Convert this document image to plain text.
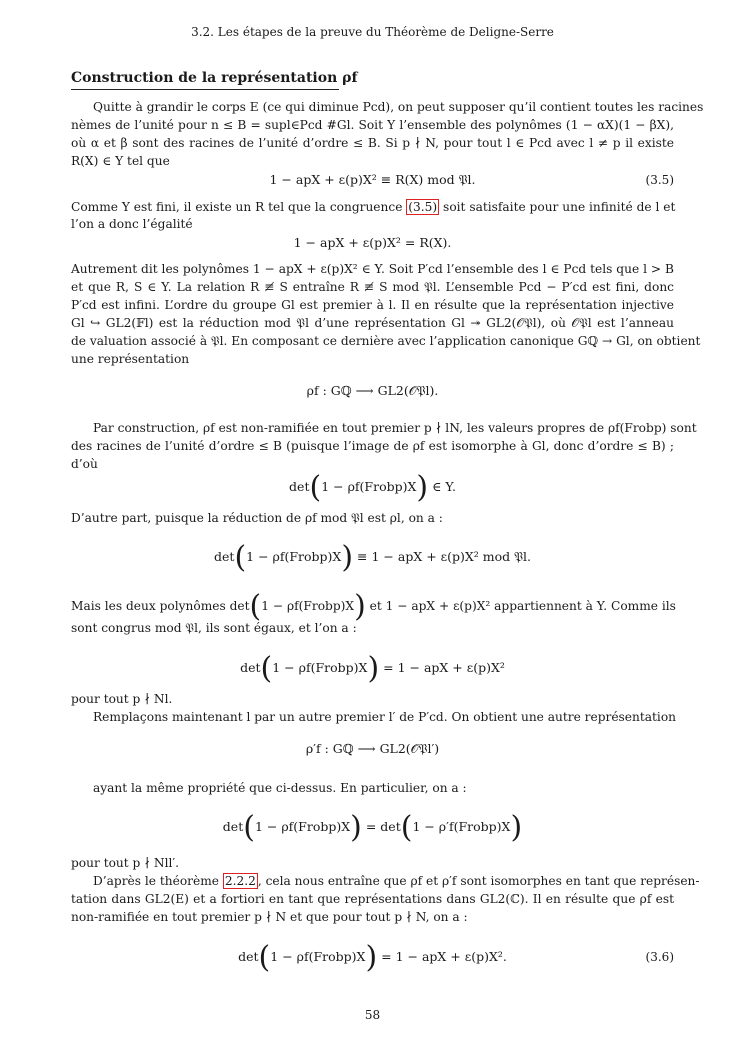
3.2. Les étapes de la preuve du Théorème de Deligne-Serre
Construction de la représentation ρf
Quitte à grandir le corps E (ce qui diminue Pcd), on peut supposer qu’il contient toutes les racines
nèmes de l’unité pour n ≤ B = supl∈Pcd #Gl. Soit Y l’ensemble des polynômes (1 − αX)(1 − βX),
où α et β sont des racines de l’unité d’ordre ≤ B. Si p ∤ N, pour tout l ∈ Pcd avec l ≠ p il existe
R(X) ∈ Y tel que
1 − apX + ε(p)X² ≡ R(X) mod 𝔓l.	(3.5)
Comme Y est fini, il existe un R tel que la congruence (3.5) soit satisfaite pour une infinité de l et
l’on a donc l’égalité
1 − apX + ε(p)X² = R(X).
Autrement dit les polynômes 1 − apX + ε(p)X² ∈ Y. Soit P′cd l’ensemble des l ∈ Pcd tels que l > B
et que R, S ∈ Y. La relation R ≢ S entraîne R ≢ S mod 𝔓l. L’ensemble Pcd − P′cd est fini, donc
P′cd est infini. L’ordre du groupe Gl est premier à l. Il en résulte que la représentation injective
Gl ↪ GL2(𝔽l) est la réduction mod 𝔓l d’une représentation Gl ↠ GL2(𝒪𝔓l), où 𝒪𝔓l est l’anneau
de valuation associé à 𝔓l. En composant ce dernière avec l’application canonique Gℚ → Gl, on obtient
une représentation
ρf : Gℚ ⟶ GL2(𝒪𝔓l).
Par construction, ρf est non-ramifiée en tout premier p ∤ lN, les valeurs propres de ρf(Frobp) sont
des racines de l’unité d’ordre ≤ B (puisque l’image de ρf est isomorphe à Gl, donc d’ordre ≤ B) ;
d’où
det(1 − ρf(Frobp)X) ∈ Y.
D’autre part, puisque la réduction de ρf mod 𝔓l est ρl, on a :
det(1 − ρf(Frobp)X) ≡ 1 − apX + ε(p)X² mod 𝔓l.
Mais les deux polynômes det(1 − ρf(Frobp)X) et 1 − apX + ε(p)X² appartiennent à Y. Comme ils
sont congrus mod 𝔓l, ils sont égaux, et l’on a :
det(1 − ρf(Frobp)X) = 1 − apX + ε(p)X²
pour tout p ∤ Nl.
Remplaçons maintenant l par un autre premier l′ de P′cd. On obtient une autre représentation
ρ′f : Gℚ ⟶ GL2(𝒪𝔓l′)
ayant la même propriété que ci-dessus. En particulier, on a :
det(1 − ρf(Frobp)X) = det(1 − ρ′f(Frobp)X)
pour tout p ∤ Nll′.
D’après le théorème 2.2.2 , cela nous entraîne que ρf et ρ′f sont isomorphes en tant que représen-
tation dans GL2(E) et a fortiori en tant que représentations dans GL2(ℂ). Il en résulte que ρf est
non-ramifiée en tout premier p ∤ N et que pour tout p ∤ N, on a :
det(1 − ρf(Frobp)X) = 1 − apX + ε(p)X².	(3.6)
58
